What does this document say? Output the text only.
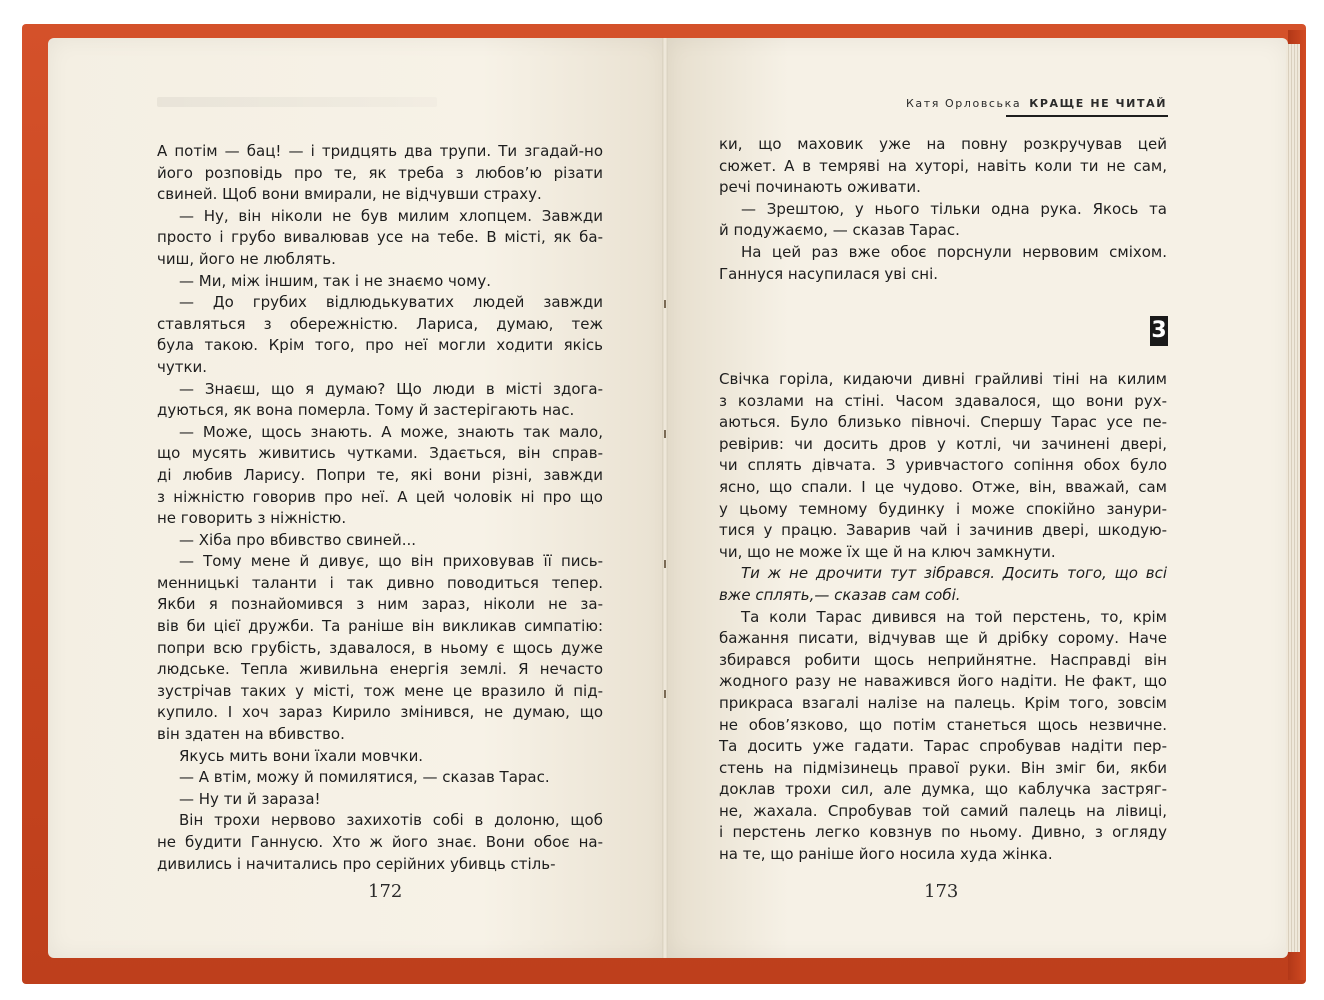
А потім — бац! — і тридцять два трупи. Ти згадай-но

його розповідь про те, як треба з любов’ю різати

свиней. Щоб вони вмирали, не відчувши страху.

— Ну, він ніколи не був милим хлопцем. Завжди

просто і грубо вивалював усе на тебе. В місті, як ба-

чиш, його не люблять.

— Ми, між іншим, так і не знаємо чому.

— До грубих відлюдькуватих людей завжди

ставляться з обережністю. Лариса, думаю, теж

була такою. Крім того, про неї могли ходити якісь

чутки.

— Знаєш, що я думаю? Що люди в місті здога-

дуються, як вона померла. Тому й застерігають нас.

— Може, щось знають. А може, знають так мало,

що мусять живитись чутками. Здається, він справ-

ді любив Ларису. Попри те, які вони різні, завжди

з ніжністю говорив про неї. А цей чоловік ні про що

не говорить з ніжністю.

— Хіба про вбивство свиней...

— Тому мене й дивує, що він приховував її пись-

менницькі таланти і так дивно поводиться тепер.

Якби я познайомився з ним зараз, ніколи не за-

вів би цієї дружби. Та раніше він викликав симпатію:

попри всю грубість, здавалося, в ньому є щось дуже

людське. Тепла живильна енергія землі. Я нечасто

зустрічав таких у місті, тож мене це вразило й під-

купило. І хоч зараз Кирило змінився, не думаю, що

він здатен на вбивство.

Якусь мить вони їхали мовчки.

— А втім, можу й помилятися, — сказав Тарас.

— Ну ти й зараза!

Він трохи нервово захихотів собі в долоню, щоб

не будити Ганнусю. Хто ж його знає. Вони обоє на-

дивились і начитались про серійних убивць стіль-

172
Катя Орловська КРАЩЕ НЕ ЧИТАЙ

ки, що маховик уже на повну розкручував цей

сюжет. А в темряві на хуторі, навіть коли ти не сам,

речі починають оживати.

— Зрештою, у нього тільки одна рука. Якось та

й подужаємо, — сказав Тарас.

На цей раз вже обоє порснули нервовим сміхом.

Ганнуся насупилася уві сні.

3

Свічка горіла, кидаючи дивні грайливі тіні на килим

з козлами на стіні. Часом здавалося, що вони рух-

аються. Було близько півночі. Спершу Тарас усе пе-

ревірив: чи досить дров у котлі, чи зачинені двері,

чи сплять дівчата. З уривчастого сопіння обох було

ясно, що спали. І це чудово. Отже, він, вважай, сам

у цьому темному будинку і може спокійно занури-

тися у працю. Заварив чай і зачинив двері, шкодую-

чи, що не може їх ще й на ключ замкнути.

Ти ж не дрочити тут зібрався. Досить того, що всі

вже сплять,— сказав сам собі.

Та коли Тарас дивився на той перстень, то, крім

бажання писати, відчував ще й дрібку сорому. Наче

збирався робити щось неприйнятне. Насправді він

жодного разу не наважився його надіти. Не факт, що

прикраса взагалі налізе на палець. Крім того, зовсім

не обов’язково, що потім станеться щось незвичне.

Та досить уже гадати. Тарас спробував надіти пер-

стень на підмізинець правої руки. Він зміг би, якби

доклав трохи сил, але думка, що каблучка застряг-

не, жахала. Спробував той самий палець на лівиці,

і перстень легко ковзнув по ньому. Дивно, з огляду

на те, що раніше його носила худа жінка.

173
